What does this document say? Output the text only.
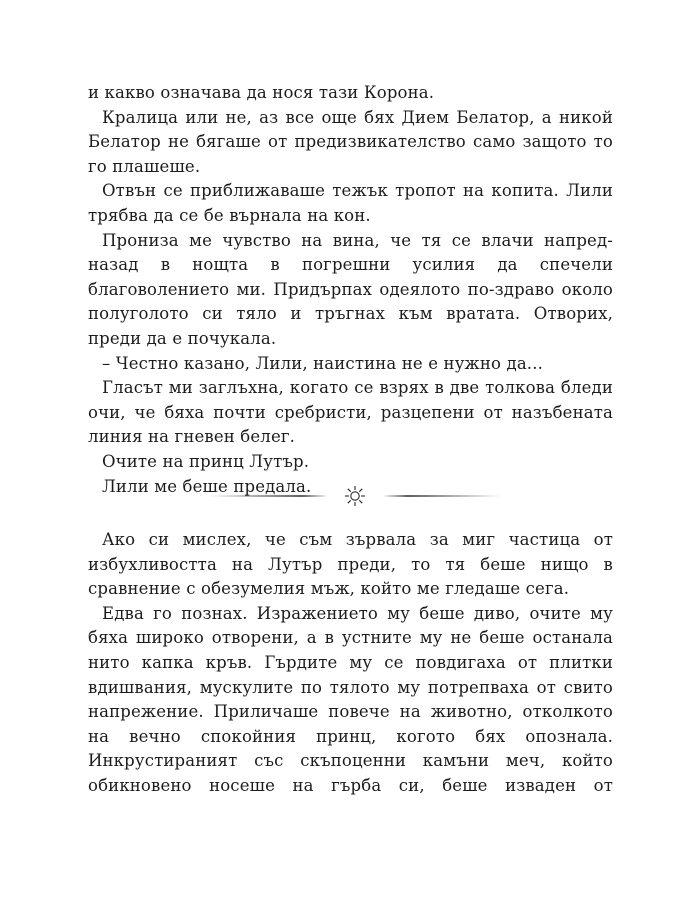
и какво означава да нося тази Корона.

Кралица или не, аз все още бях Дием Белатор, а никой Белатор не бягаше от предизвикателство само защото то го плашеше.

Отвън се приближаваше тежък тропот на копита. Лили трябва да се бе върнала на кон.

Прониза ме чувство на вина, че тя се влачи напред-назад в нощта в погрешни усилия да спечели благоволението ми. Придърпах одеялото по-здраво около полуголото си тяло и тръгнах към вратата. Отворих, преди да е почукала.

– Честно казано, Лили, наистина не е нужно да...

Гласът ми заглъхна, когато се взрях в две толкова бледи очи, че бяха почти сребристи, разцепени от назъбената линия на гневен белег.

Очите на принц Лутър.

Лили ме беше предала.

Ако си мислех, че съм зървала за миг частица от избухливостта на Лутър преди, то тя беше нищо в сравнение с обезумелия мъж, който ме гледаше сега.

Едва го познах. Изражението му беше диво, очите му бяха широко отворени, а в устните му не беше останала нито капка кръв. Гърдите му се повдигаха от плитки вдишвания, мускулите по тялото му потрепваха от свито напрежение. Приличаше повече на животно, отколкото на вечно спокойния принц, когото бях опознала. Инкрустираният със скъпоценни камъни меч, който обикновено носеше на гърба си, беше изваден от
